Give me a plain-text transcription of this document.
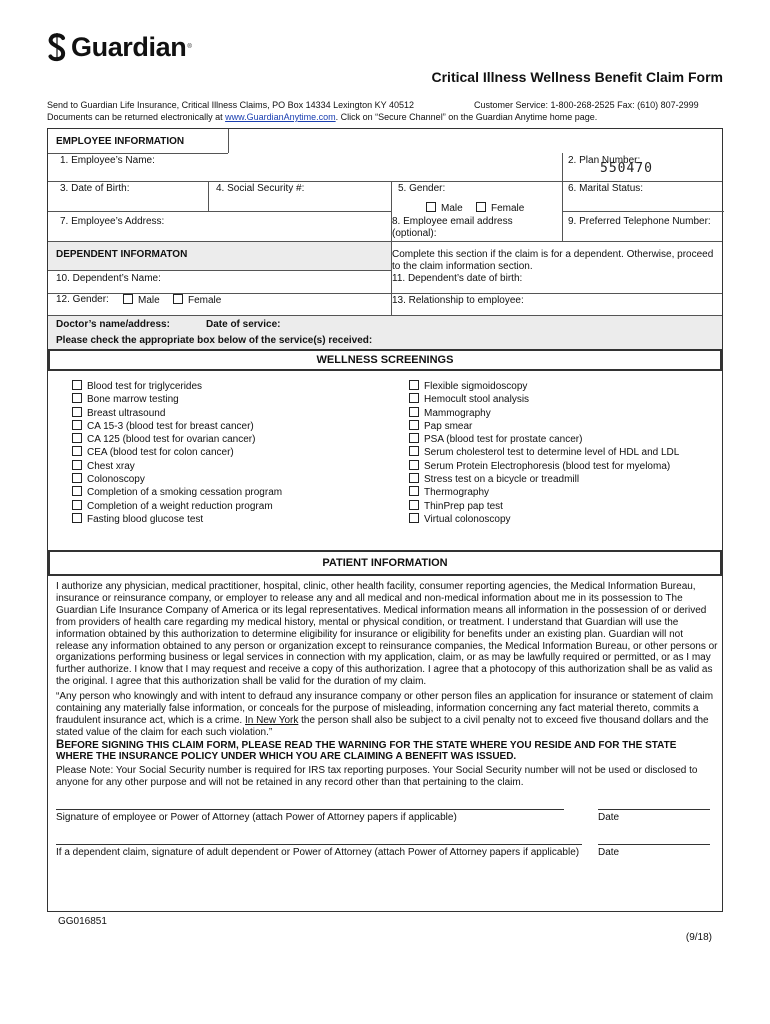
Guardian ®
Critical Illness Wellness Benefit Claim Form
Send to Guardian Life Insurance, Critical Illness Claims, PO Box 14334 Lexington KY 40512	Customer Service: 1-800-268-2525 Fax: (610) 807-2999
Documents can be returned electronically at www.GuardianAnytime.com. Click on “Secure Channel” on the Guardian Anytime home page.
EMPLOYEE INFORMATION
1. Employee’s Name:	2. Plan Number:
550470
3. Date of Birth:	4. Social Security #:	5. Gender:	6. Marital Status:
Male	Female
7. Employee’s Address:	8. Employee email address (optional):
9. Preferred Telephone Number:
DEPENDENT INFORMATON	Complete this section if the claim is for a dependent. Otherwise, proceed to the claim information section.
10. Dependent’s Name:	11. Dependent’s date of birth:
12. Gender:	Male	Female	13. Relationship to employee:
Doctor’s name/address:	Date of service:
Please check the appropriate box below of the service(s) received:
WELLNESS SCREENINGS
Blood test for triglycerides
Bone marrow testing
Breast ultrasound
CA 15-3 (blood test for breast cancer)
CA 125 (blood test for ovarian cancer)
CEA (blood test for colon cancer)
Chest xray
Colonoscopy
Completion of a smoking cessation program
Completion of a weight reduction program
Fasting blood glucose test
Flexible sigmoidoscopy
Hemocult stool analysis
Mammography
Pap smear
PSA (blood test for prostate cancer)
Serum cholesterol test to determine level of HDL and LDL
Serum Protein Electrophoresis (blood test for myeloma)
Stress test on a bicycle or treadmill
Thermography
ThinPrep pap test
Virtual colonoscopy
PATIENT INFORMATION
I authorize any physician, medical practitioner, hospital, clinic, other health facility, consumer reporting agencies, the Medical Information Bureau, insurance or reinsurance company, or employer to release any and all medical and non-medical information about me in its possession to The Guardian Life Insurance Company of America or its legal representatives. Medical information means all information in the possession of or derived from providers of health care regarding my medical history, mental or physical condition, or treatment. I understand that Guardian will use the information obtained by this authorization to determine eligibility for insurance or eligibility for benefits under an existing plan. Guardian will not release any information obtained to any person or organization except to reinsurance companies, the Medical Information Bureau, or other persons or organizations performing business or legal services in connection with my application, claim, or as may be lawfully required or permitted, or as I may further authorize. I know that I may request and receive a copy of this authorization. I agree that a photocopy of this authorization shall be as valid as the original. I agree that this authorization shall be valid for the duration of my claim.
“Any person who knowingly and with intent to defraud any insurance company or other person files an application for insurance or statement of claim containing any materially false information, or conceals for the purpose of misleading, information concerning any fact material thereto, commits a fraudulent insurance act, which is a crime. In New York the person shall also be subject to a civil penalty not to exceed five thousand dollars and the stated value of the claim for each such violation.”
BEFORE SIGNING THIS CLAIM FORM, PLEASE READ THE WARNING FOR THE STATE WHERE YOU RESIDE AND FOR THE STATE
WHERE THE INSURANCE POLICY UNDER WHICH YOU ARE CLAIMING A BENEFIT WAS ISSUED.
Please Note: Your Social Security number is required for IRS tax reporting purposes. Your Social Security number will not be used or disclosed to anyone for any other purpose and will not be retained in any record other than that pertaining to the claim.
Signature of employee or Power of Attorney (attach Power of Attorney papers if applicable)	Date
If a dependent claim, signature of adult dependent or Power of Attorney (attach Power of Attorney papers if applicable) Date
GG016851
(9/18)
